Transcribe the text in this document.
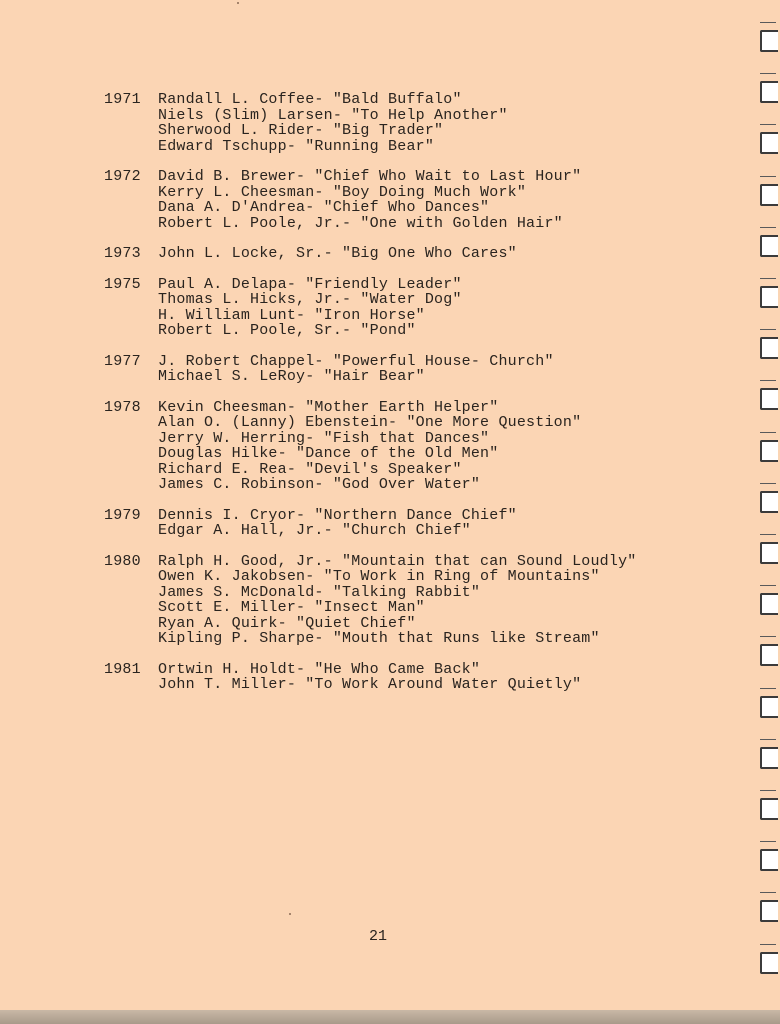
1971	Randall L. Coffee- "Bald Buffalo"
Niels (Slim) Larsen- "To Help Another"
Sherwood L. Rider- "Big Trader"
Edward Tschupp- "Running Bear"
1972	David B. Brewer- "Chief Who Wait to Last Hour"
Kerry L. Cheesman- "Boy Doing Much Work"
Dana A. D'Andrea- "Chief Who Dances"
Robert L. Poole, Jr.- "One with Golden Hair"
1973	John L. Locke, Sr.- "Big One Who Cares"
1975	Paul A. Delapa- "Friendly Leader"
Thomas L. Hicks, Jr.- "Water Dog"
H. William Lunt- "Iron Horse"
Robert L. Poole, Sr.- "Pond"
1977	J. Robert Chappel- "Powerful House- Church"
Michael S. LeRoy- "Hair Bear"
1978	Kevin Cheesman- "Mother Earth Helper"
Alan O. (Lanny) Ebenstein- "One More Question"
Jerry W. Herring- "Fish that Dances"
Douglas Hilke- "Dance of the Old Men"
Richard E. Rea- "Devil's Speaker"
James C. Robinson- "God Over Water"
1979	Dennis I. Cryor- "Northern Dance Chief"
Edgar A. Hall, Jr.- "Church Chief"
1980	Ralph H. Good, Jr.- "Mountain that can Sound Loudly"
Owen K. Jakobsen- "To Work in Ring of Mountains"
James S. McDonald- "Talking Rabbit"
Scott E. Miller- "Insect Man"
Ryan A. Quirk- "Quiet Chief"
Kipling P. Sharpe- "Mouth that Runs like Stream"
1981	Ortwin H. Holdt- "He Who Came Back"
John T. Miller- "To Work Around Water Quietly"
21
